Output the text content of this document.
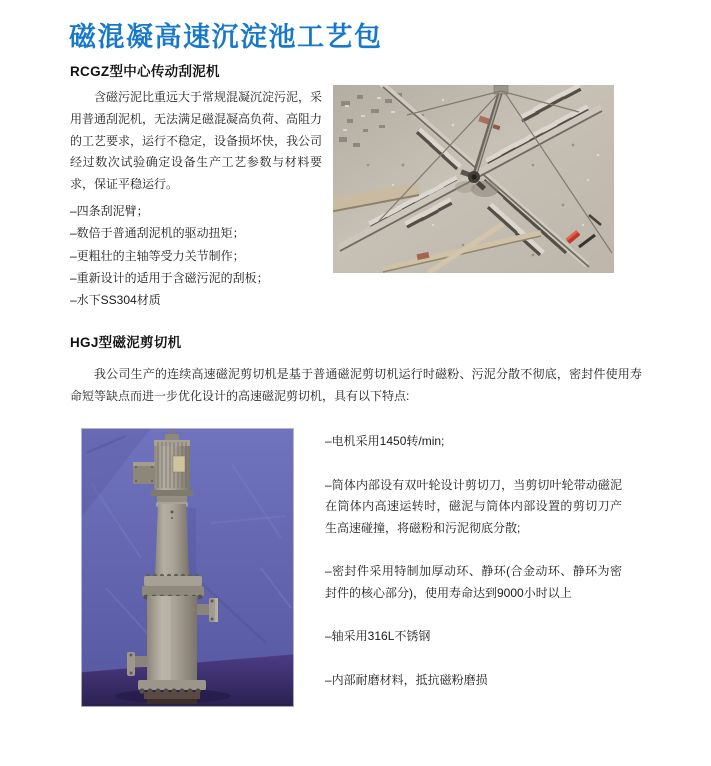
磁混凝高速沉淀池工艺包
RCGZ型中心传动刮泥机
含磁污泥比重远大于常规混凝沉淀污泥，采用普通刮泥机，无法满足磁混凝高负荷、高阻力的工艺要求，运行不稳定，设备损坏快，我公司经过数次试验确定设备生产工艺参数与材料要求，保证平稳运行。
–四条刮泥臂；
–数倍于普通刮泥机的驱动扭矩；
–更粗壮的主轴等受力关节制作；
–重新设计的适用于含磁污泥的刮板；
–水下SS304材质
HGJ型磁泥剪切机
我公司生产的连续高速磁泥剪切机是基于普通磁泥剪切机运行时磁粉、污泥分散不彻底，密封件使用寿命短等缺点而进一步优化设计的高速磁泥剪切机，具有以下特点:
–电机采用1450转/min;
–筒体内部设有双叶轮设计剪切刀，当剪切叶轮带动磁泥在筒体内高速运转时，磁泥与筒体内部设置的剪切刀产生高速碰撞，将磁粉和污泥彻底分散;
–密封件采用特制加厚动环、静环(合金动环、静环为密封件的核心部分)，使用寿命达到9000小时以上
–轴采用316L不锈钢
–内部耐磨材料，抵抗磁粉磨损
